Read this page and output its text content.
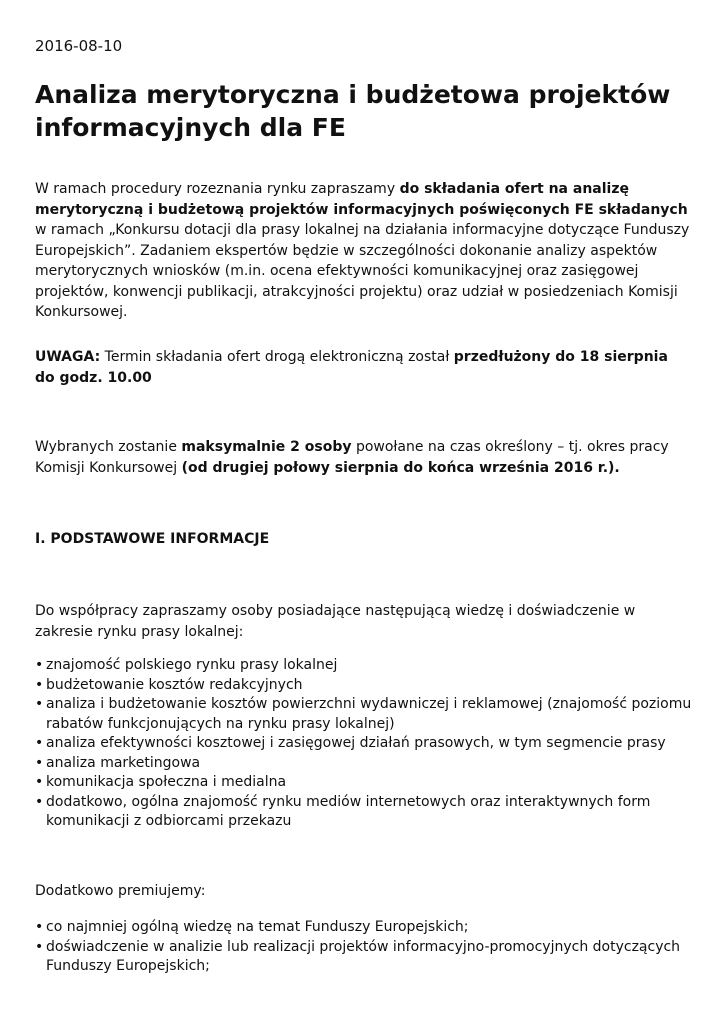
2016-08-10
Analiza merytoryczna i budżetowa projektów informacyjnych dla FE

W ramach procedury rozeznania rynku zapraszamy do składania ofert na analizę merytoryczną i budżetową projektów informacyjnych poświęconych FE składanych w ramach „Konkursu dotacji dla prasy lokalnej na działania informacyjne dotyczące Funduszy Europejskich”. Zadaniem ekspertów będzie w szczególności dokonanie analizy aspektów merytorycznych wniosków (m.in. ocena efektywności komunikacyjnej oraz zasięgowej projektów, konwencji publikacji, atrakcyjności projektu) oraz udział w posiedzeniach Komisji Konkursowej.

UWAGA: Termin składania ofert drogą elektroniczną został przedłużony do 18 sierpnia do godz. 10.00

Wybranych zostanie maksymalnie 2 osoby powołane na czas określony – tj. okres pracy Komisji Konkursowej (od drugiej połowy sierpnia do końca września 2016 r.).

I. PODSTAWOWE INFORMACJE

Do współpracy zapraszamy osoby posiadające następującą wiedzę i doświadczenie w zakresie rynku prasy lokalnej:

• znajomość polskiego rynku prasy lokalnej
• budżetowanie kosztów redakcyjnych
• analiza i budżetowanie kosztów powierzchni wydawniczej i reklamowej (znajomość poziomu rabatów funkcjonujących na rynku prasy lokalnej)
• analiza efektywności kosztowej i zasięgowej działań prasowych, w tym segmencie prasy
• analiza marketingowa
• komunikacja społeczna i medialna
• dodatkowo, ogólna znajomość rynku mediów internetowych oraz interaktywnych form komunikacji z odbiorcami przekazu

Dodatkowo premiujemy:

• co najmniej ogólną wiedzę na temat Funduszy Europejskich;
• doświadczenie w analizie lub realizacji projektów informacyjno-promocyjnych dotyczących Funduszy Europejskich;
